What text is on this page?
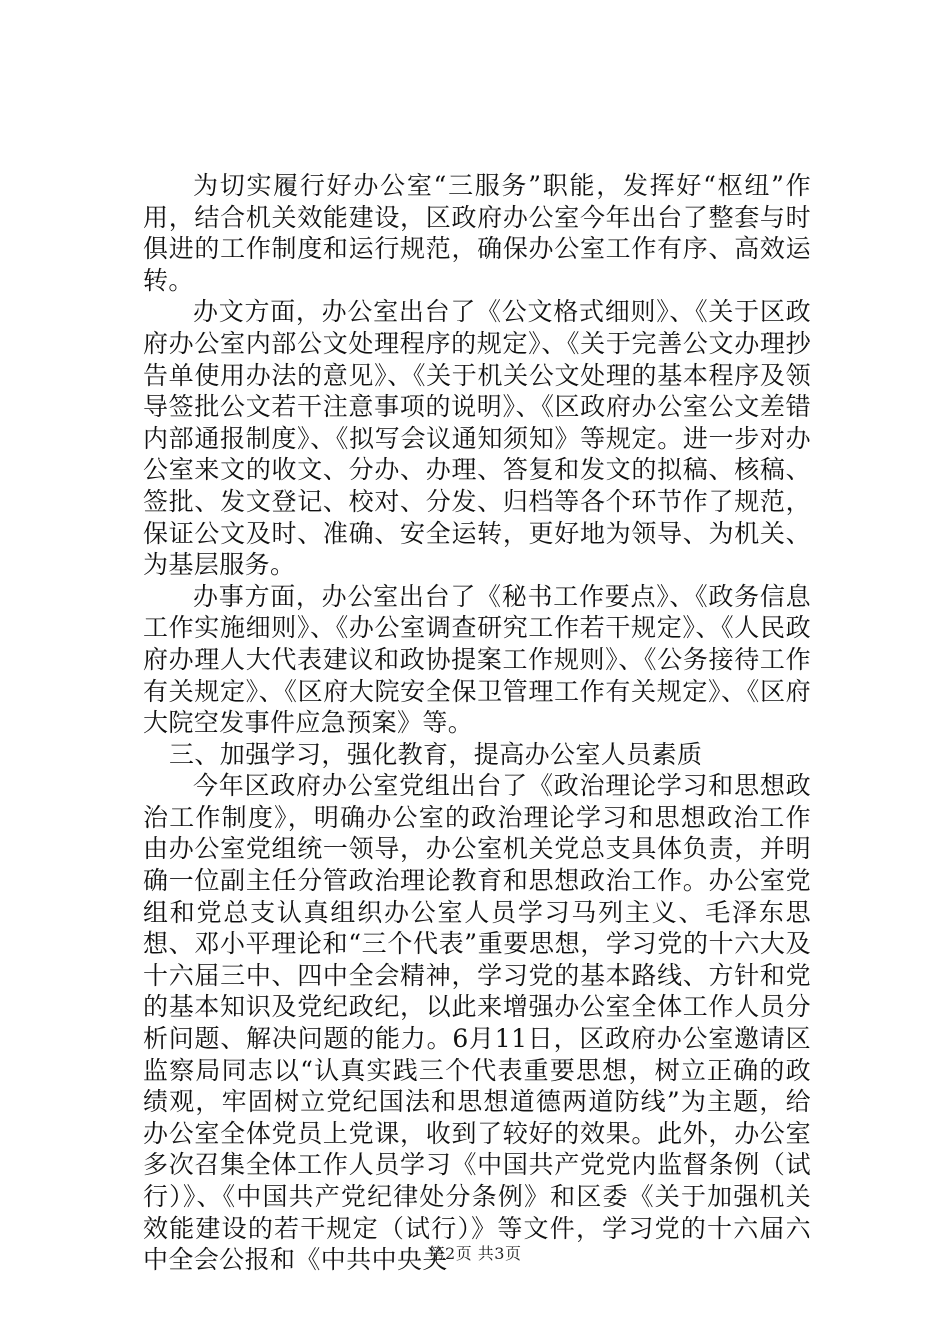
为切实履行好办公室“三服务”职能，发挥好“枢纽”作用，结合机关效能建设，区政府办公室今年出台了整套与时俱进的工作制度和运行规范，确保办公室工作有序、高效运转。

办文方面，办公室出台了《公文格式细则》、《关于区政府办公室内部公文处理程序的规定》、《关于完善公文办理抄告单使用办法的意见》、《关于机关公文处理的基本程序及领导签批公文若干注意事项的说明》、《区政府办公室公文差错内部通报制度》、《拟写会议通知须知》等规定。进一步对办公室来文的收文、分办、办理、答复和发文的拟稿、核稿、签批、发文登记、校对、分发、归档等各个环节作了规范，保证公文及时、准确、安全运转，更好地为领导、为机关、为基层服务。

办事方面，办公室出台了《秘书工作要点》、《政务信息工作实施细则》、《办公室调查研究工作若干规定》、《人民政府办理人大代表建议和政协提案工作规则》、《公务接待工作有关规定》、《区府大院安全保卫管理工作有关规定》、《区府大院空发事件应急预案》等。

三、加强学习，强化教育，提高办公室人员素质

今年区政府办公室党组出台了《政治理论学习和思想政治工作制度》，明确办公室的政治理论学习和思想政治工作由办公室党组统一领导，办公室机关党总支具体负责，并明确一位副主任分管政治理论教育和思想政治工作。办公室党组和党总支认真组织办公室人员学习马列主义、毛泽东思想、邓小平理论和“三个代表”重要思想，学习党的十六大及十六届三中、四中全会精神，学习党的基本路线、方针和党的基本知识及党纪政纪，以此来增强办公室全体工作人员分析问题、解决问题的能力。6月11日，区政府办公室邀请区监察局同志以“认真实践三个代表重要思想，树立正确的政绩观，牢固树立党纪国法和思想道德两道防线”为主题，给办公室全体党员上党课，收到了较好的效果。此外，办公室多次召集全体工作人员学习《中国共产党党内监督条例（试行）》、《中国共产党纪律处分条例》和区委《关于加强机关效能建设的若干规定（试行）》等文件，学习党的十六届六中全会公报和《中共中央关

第2页 共3页
